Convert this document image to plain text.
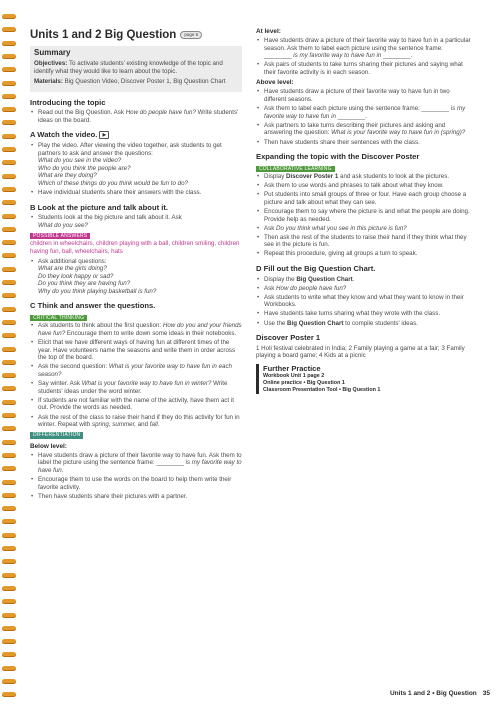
Units 1 and 2 Big Question page 6
Summary

Objectives: To activate students' existing knowledge of the topic and identify what they would like to learn about the topic.

Materials: Big Question Video, Discover Poster 1, Big Question Chart

Introducing the topic
• Read out the Big Question. Ask How do people have fun? Write students' ideas on the board.
A Watch the video. ▶
• Play the video. After viewing the video together, ask students to get partners to ask and answer the questions:
What do you see in the video?
Who do you think the people are?
What are they doing?
Which of these things do you think would be fun to do?
• Have individual students share their answers with the class.
B Look at the picture and talk about it.
• Students look at the big picture and talk about it. Ask
What do you see?
POSSIBLE ANSWERS
children in wheelchairs, children playing with a ball, children smiling, children having fun, ball, wheelchairs, hats
• Ask additional questions:
What are the girls doing?
Do they look happy or sad?
Do you think they are having fun?
Why do you think playing basketball is fun?
C Think and answer the questions.
CRITICAL THINKING
• Ask students to think about the first question: How do you and your friends have fun? Encourage them to write down some ideas in their notebooks.
• Elicit that we have different ways of having fun at different times of the year. Have volunteers name the seasons and write them in order across the top of the board.
• Ask the second question: What is your favorite way to have fun in each season?
• Say winter. Ask What is your favorite way to have fun in winter? Write students' ideas under the word winter.
• If students are not familiar with the name of the activity, have them act it out. Provide the words as needed.
• Ask the rest of the class to raise their hand if they do this activity for fun in winter. Repeat with spring, summer, and fall.
DIFFERENTIATION
Below level:
• Have students draw a picture of their favorite way to have fun. Ask them to label the picture using the sentence frame: ________ is my favorite way to have fun.
• Encourage them to use the words on the board to help them write their favorite activity.
• Then have students share their pictures with a partner.
At level:
• Have students draw a picture of their favorite way to have fun in a particular season. Ask them to label each picture using the sentence frame: ________ is my favorite way to have fun in ________.
• Ask pairs of students to take turns sharing their pictures and saying what their favorite activity is in each season.
Above level:
• Have students draw a picture of their favorite way to have fun in two different seasons.
• Ask them to label each picture using the sentence frame: ________ is my favorite way to have fun in ________.
• Ask partners to take turns describing their pictures and asking and answering the question: What is your favorite way to have fun in (spring)?
• Then have students share their sentences with the class.
Expanding the topic with the Discover Poster
COLLABORATIVE LEARNING
• Display Discover Poster 1 and ask students to look at the pictures.
• Ask them to use words and phrases to talk about what they know.
• Put students into small groups of three or four. Have each group choose a picture and talk about what they can see.
• Encourage them to say where the picture is and what the people are doing. Provide help as needed.
• Ask Do you think what you see in this picture is fun?
• Then ask the rest of the students to raise their hand if they think what they see in the picture is fun.
• Repeat this procedure, giving all groups a turn to speak.
D Fill out the Big Question Chart.
• Display the Big Question Chart.
• Ask How do people have fun?
• Ask students to write what they know and what they want to know in their Workbooks.
• Have students take turns sharing what they wrote with the class.
• Use the Big Question Chart to compile students' ideas.
Discover Poster 1
1 Holi festival celebrated in India; 2 Family playing a game at a fair; 3 Family playing a board game; 4 Kids at a picnic
Further Practice
Workbook Unit 1 page 2
Online practice • Big Question 1
Classroom Presentation Tool • Big Question 1
Units 1 and 2 • Big Question 35
